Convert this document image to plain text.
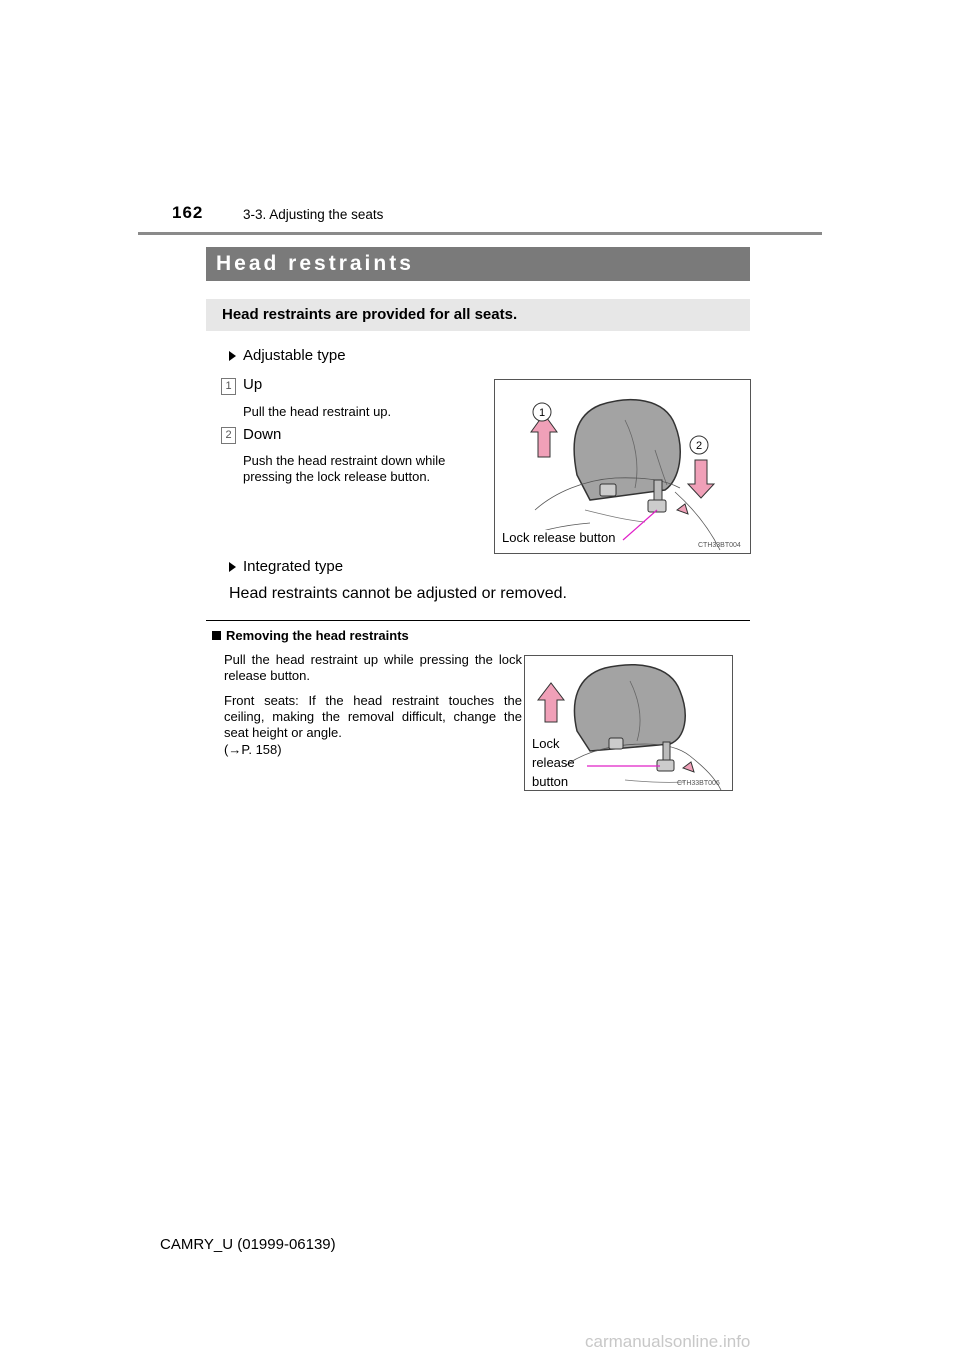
162	3-3. Adjusting the seats
Head restraints
Head restraints are provided for all seats.
Adjustable type
1 Up
Pull the head restraint up.
2 Down
Push the head restraint down while pressing the lock release button.
1
2
Lock release button
CTH33BT004
Integrated type
Head restraints cannot be adjusted or removed.
Removing the head restraints
Pull the head restraint up while pressing the lock release button.
Front seats: If the head restraint touches the ceiling, making the removal difficult, change the seat height or angle.
(→P. 158)	Lock
release
button	CTH33BT006
CAMRY_U (01999-06139)
carmanualsonline.info
